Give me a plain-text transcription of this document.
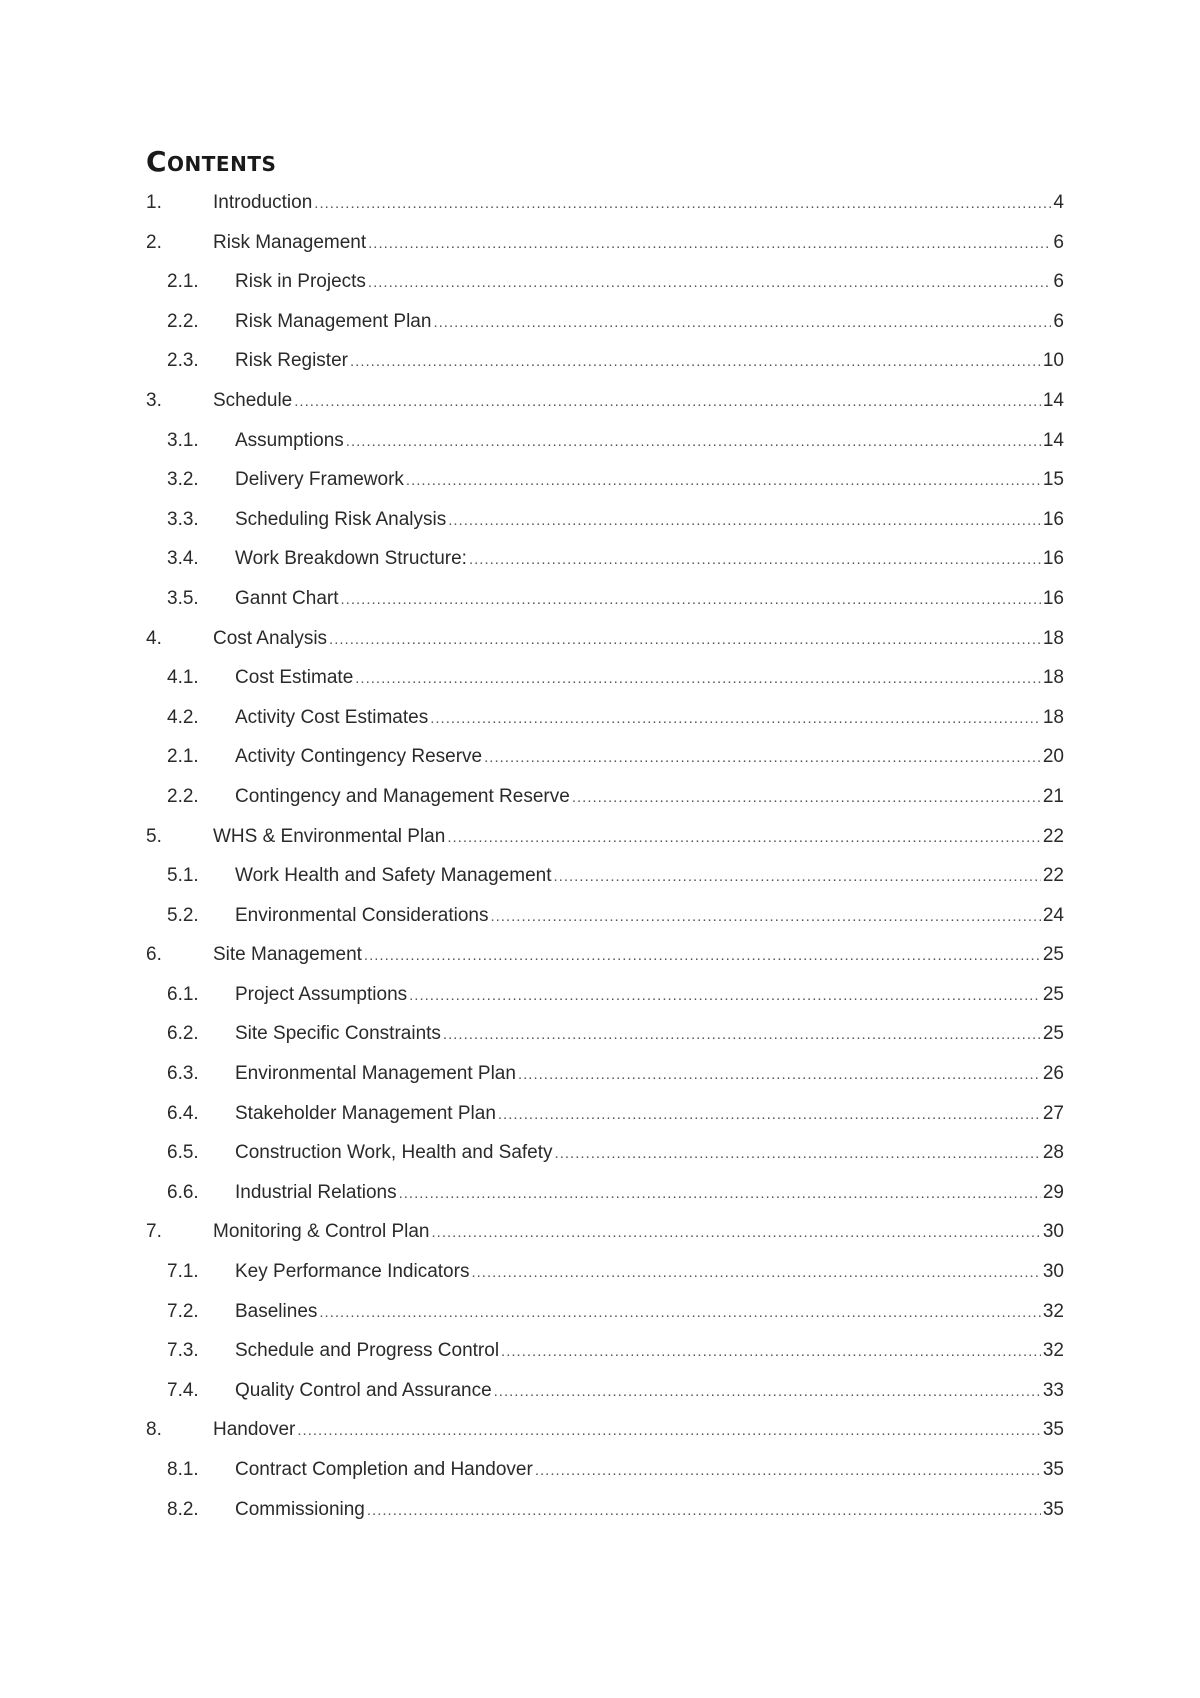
Contents
1.	Introduction .....	4
2.	Risk Management .....	6
2.1. Risk in Projects .....	6
2.2. Risk Management Plan .....	6
2.3. Risk Register .....	10
3.	Schedule .....	14
3.1. Assumptions .....	14
3.2. Delivery Framework .....	15
3.3. Scheduling Risk Analysis .....	16
3.4. Work Breakdown Structure: .....	16
3.5. Gannt Chart .....	16
4.	Cost Analysis .....	18
4.1. Cost Estimate .....	18
4.2. Activity Cost Estimates .....	18
2.1. Activity Contingency Reserve .....	20
2.2. Contingency and Management Reserve .....	21
5.	WHS & Environmental Plan .....	22
5.1. Work Health and Safety Management .....	22
5.2. Environmental Considerations .....	24
6.	Site Management .....	25
6.1. Project Assumptions .....	25
6.2. Site Specific Constraints .....	25
6.3. Environmental Management Plan .....	26
6.4. Stakeholder Management Plan .....	27
6.5. Construction Work, Health and Safety .....	28
6.6. Industrial Relations .....	29
7.	Monitoring & Control Plan .....	30
7.1. Key Performance Indicators .....	30
7.2. Baselines .....	32
7.3. Schedule and Progress Control .....	32
7.4. Quality Control and Assurance .....	33
8.	Handover .....	35
8.1. Contract Completion and Handover .....	35
8.2. Commissioning .....	35
